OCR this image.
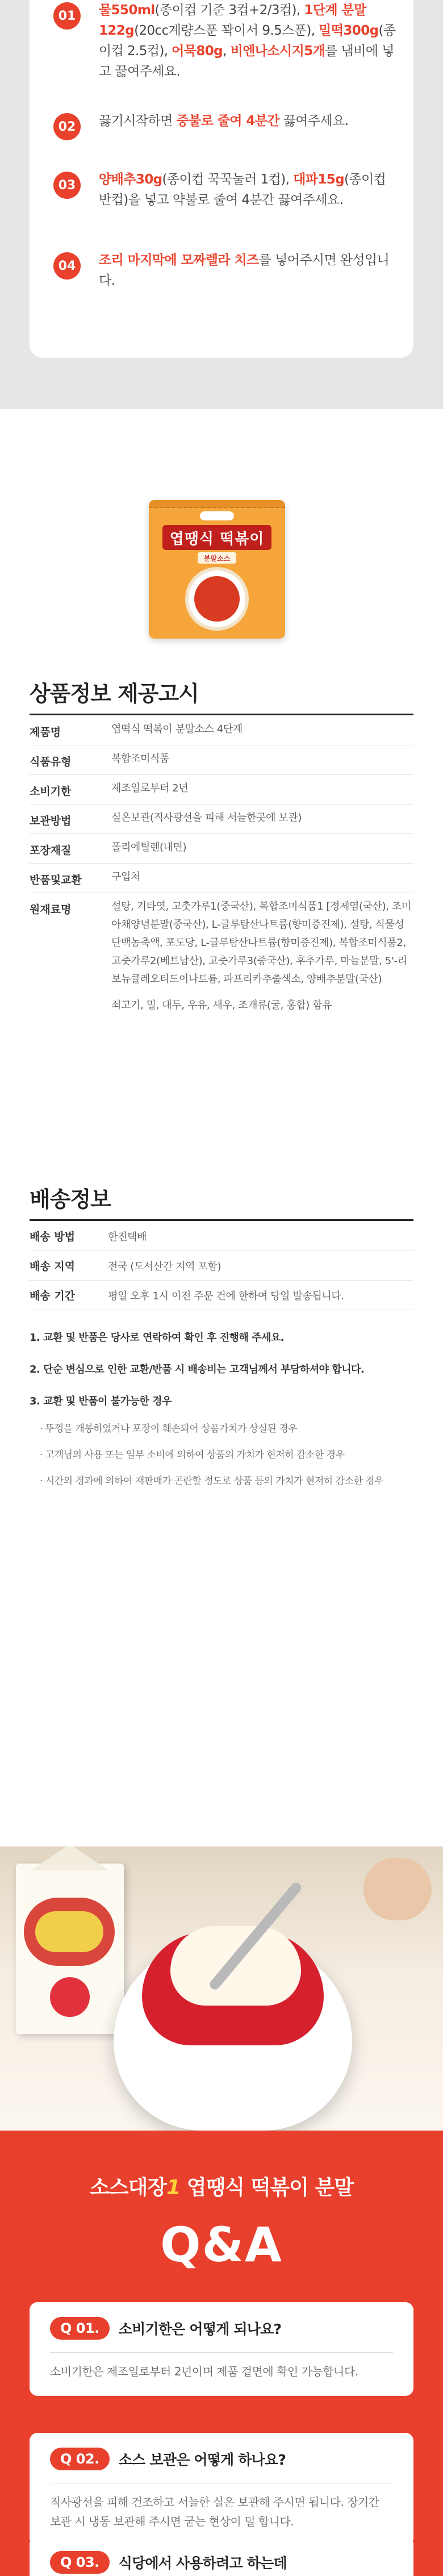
01	물550ml(종이컵 기준 3컵+2/3컵), 1단계 분말122g(20cc계량스푼 꽉이서 9.5스푼), 밀떡300g(종이컵 2.5컵), 어묵80g, 비엔나소시지5개를 냄비에 넣고 끓여주세요.
02	끓기시작하면 중불로 줄여 4분간 끓여주세요.
03	양배추30g(종이컵 꾹꾹눌러 1컵), 대파15g(종이컵 반컵)을 넣고 약불로 줄여 4분간 끓여주세요.
04	조리 마지막에 모짜렐라 치즈를 넣어주시면 완성입니다.
엽땡식 떡볶이
분말소스
상품정보 제공고시
제품명	엽떡식 떡볶이 분말소스 4단계

식품유형	복합조미식품

소비기한	제조일로부터 2년

보관방법	실온보관(직사광선을 피해 서늘한곳에 보관)

포장재질	폴리에틸렌(내면)

반품및교환	구입처

원재료명	설탕, 기타엿, 고춧가루1(중국산), 복합조미식품1 [정제염(국산), 조미아채양념분말(중국산), L-글루탐산나트륨(향미증진제), 설탕, 식물성단백농축액, 포도당, L-글루탐산나트륨(향미증진제), 복합조미식품2, 고춧가루2(베트남산), 고춧가루3(중국산), 후추가루, 마늘분말, 5'-리보뉴클레오티드이나트륨, 파프리카추출색소, 양배추분말(국산)

쇠고기, 밀, 대두, 우유, 새우, 조개류(굴, 홍합) 함유

배송정보
배송 방법	한진택배
배송 지역	전국 (도서산간 지역 포함)
배송 기간	평일 오후 1시 이전 주문 건에 한하여 당일 발송됩니다.

1. 교환 및 반품은 당사로 연락하여 확인 후 진행해 주세요.

2. 단순 변심으로 인한 교환/반품 시 배송비는 고객님께서 부담하셔야 합니다.

3. 교환 및 반품이 불가능한 경우

· 뚜껑을 개봉하였거나 포장이 훼손되어 상품가치가 상실된 경우

· 고객님의 사용 또는 일부 소비에 의하여 상품의 가치가 현저히 감소한 경우

· 시간의 경과에 의하여 재판매가 곤란할 정도로 상품 등의 가치가 현저히 감소한 경우

소스대장1 엽땡식 떡볶이 분말
Q&A
Q 01.	소비기한은 어떻게 되나요?

소비기한은 제조일로부터 2년이며 제품 겉면에 확인 가능합니다.

Q 02.	소스 보관은 어떻게 하나요?

직사광선을 피해 건조하고 서늘한 실온 보관해 주시면 됩니다. 장기간 보관 시 냉동 보관해 주시면 굳는 현상이 덜 합니다.

Q 03.	식당에서 사용하려고 하는데
